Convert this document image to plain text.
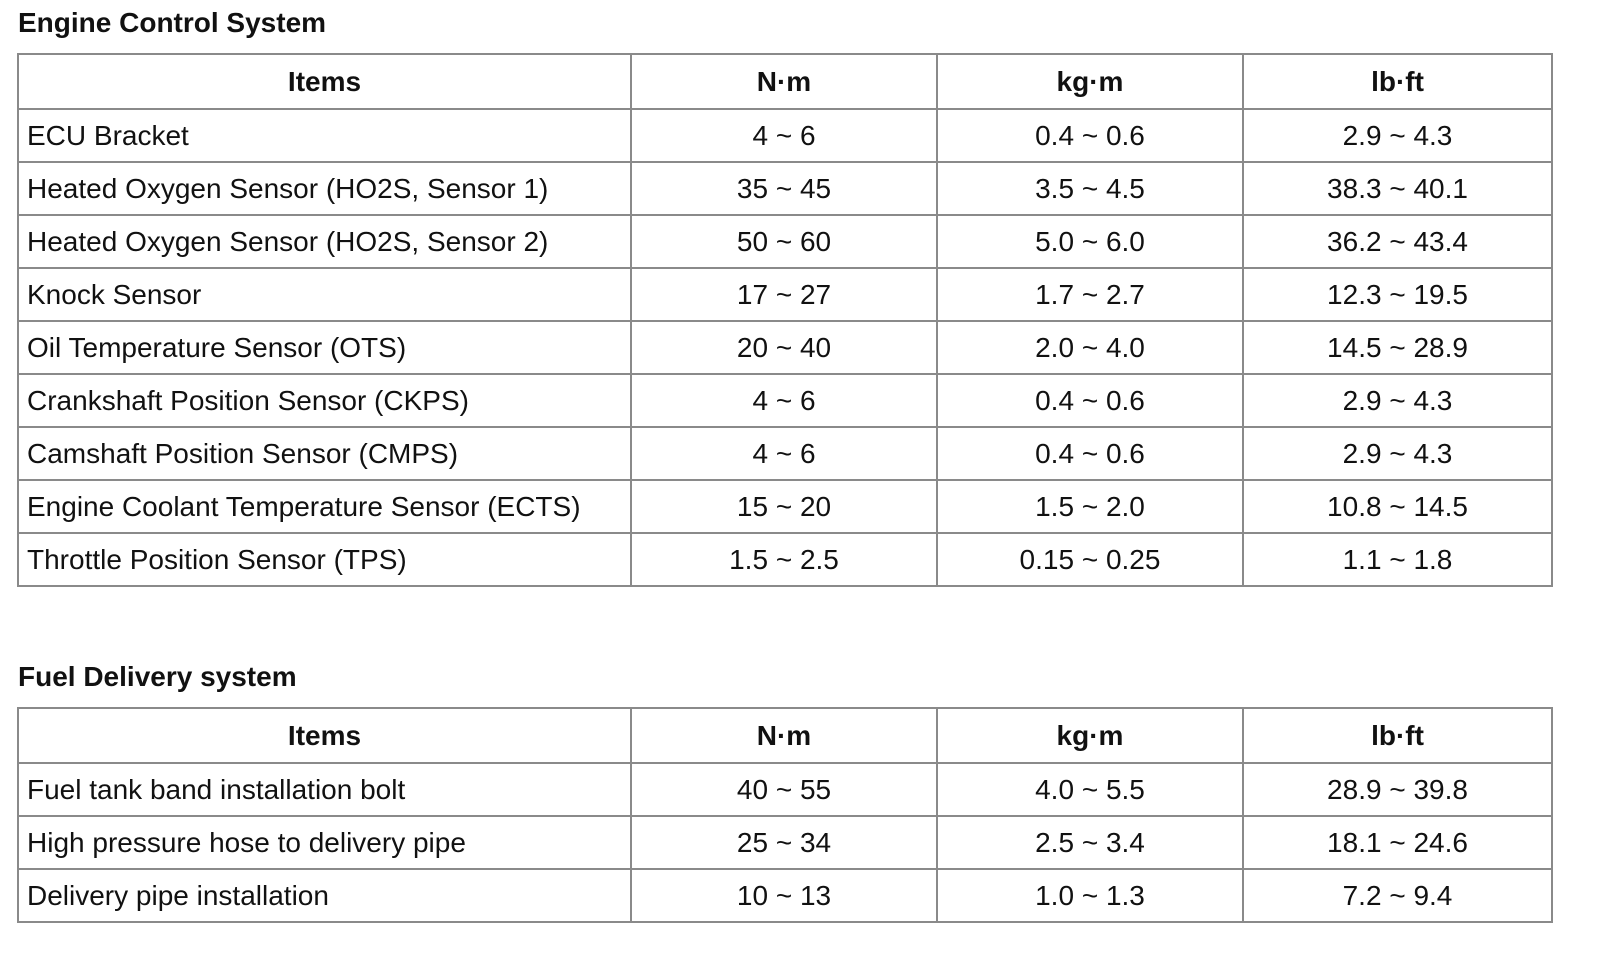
Engine Control System
Items	N·m	kg·m	lb·ft
ECU Bracket	4 ~ 6	0.4 ~ 0.6	2.9 ~ 4.3
Heated Oxygen Sensor (HO2S, Sensor 1)	35 ~ 45	3.5 ~ 4.5	38.3 ~ 40.1
Heated Oxygen Sensor (HO2S, Sensor 2)	50 ~ 60	5.0 ~ 6.0	36.2 ~ 43.4
Knock Sensor	17 ~ 27	1.7 ~ 2.7	12.3 ~ 19.5
Oil Temperature Sensor (OTS)	20 ~ 40	2.0 ~ 4.0	14.5 ~ 28.9
Crankshaft Position Sensor (CKPS)	4 ~ 6	0.4 ~ 0.6	2.9 ~ 4.3
Camshaft Position Sensor (CMPS)	4 ~ 6	0.4 ~ 0.6	2.9 ~ 4.3
Engine Coolant Temperature Sensor (ECTS)	15 ~ 20	1.5 ~ 2.0	10.8 ~ 14.5
Throttle Position Sensor (TPS)	1.5 ~ 2.5	0.15 ~ 0.25	1.1 ~ 1.8
Fuel Delivery system
Items	N·m	kg·m	lb·ft
Fuel tank band installation bolt	40 ~ 55	4.0 ~ 5.5	28.9 ~ 39.8
High pressure hose to delivery pipe	25 ~ 34	2.5 ~ 3.4	18.1 ~ 24.6
Delivery pipe installation	10 ~ 13	1.0 ~ 1.3	7.2 ~ 9.4
